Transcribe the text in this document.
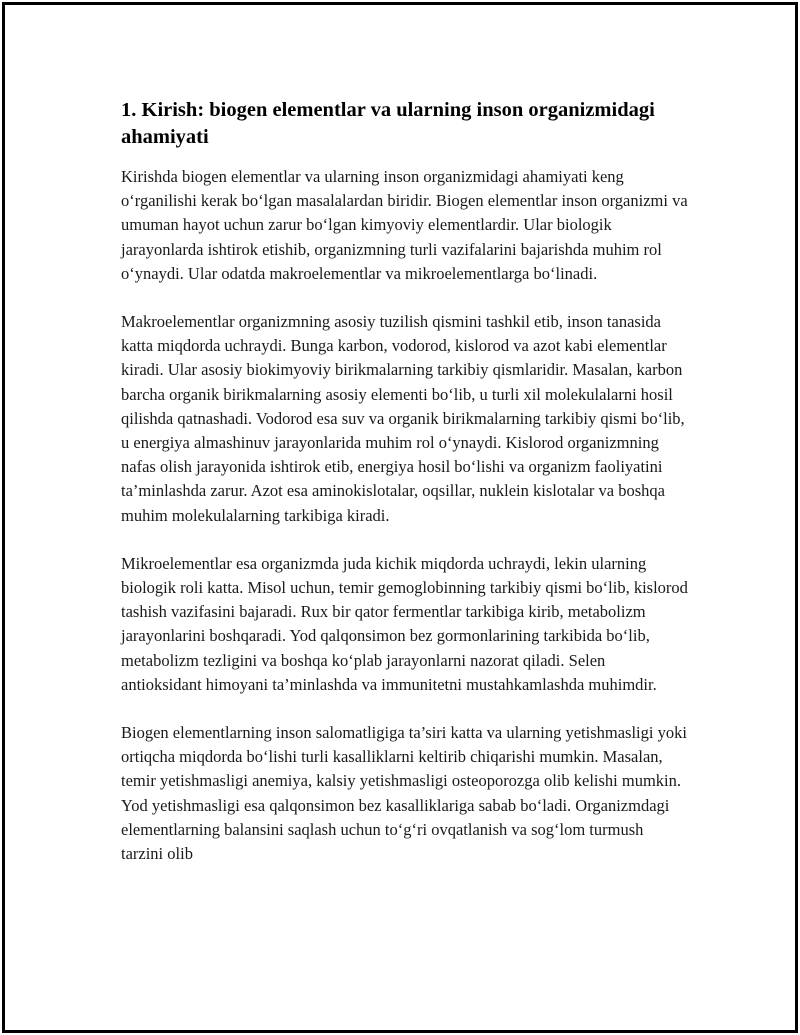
1. Kirish: biogen elementlar va ularning inson organizmidagi ahamiyati

Kirishda biogen elementlar va ularning inson organizmidagi ahamiyati keng o‘rganilishi kerak bo‘lgan masalalardan biridir. Biogen elementlar inson organizmi va umuman hayot uchun zarur bo‘lgan kimyoviy elementlardir. Ular biologik jarayonlarda ishtirok etishib, organizmning turli vazifalarini bajarishda muhim rol o‘ynaydi. Ular odatda makroelementlar va mikroelementlarga bo‘linadi.

Makroelementlar organizmning asosiy tuzilish qismini tashkil etib, inson tanasida katta miqdorda uchraydi. Bunga karbon, vodorod, kislorod va azot kabi elementlar kiradi. Ular asosiy biokimyoviy birikmalarning tarkibiy qismlaridir. Masalan, karbon barcha organik birikmalarning asosiy elementi bo‘lib, u turli xil molekulalarni hosil qilishda qatnashadi. Vodorod esa suv va organik birikmalarning tarkibiy qismi bo‘lib, u energiya almashinuv jarayonlarida muhim rol o‘ynaydi. Kislorod organizmning nafas olish jarayonida ishtirok etib, energiya hosil bo‘lishi va organizm faoliyatini ta’minlashda zarur. Azot esa aminokislotalar, oqsillar, nuklein kislotalar va boshqa muhim molekulalarning tarkibiga kiradi.

Mikroelementlar esa organizmda juda kichik miqdorda uchraydi, lekin ularning biologik roli katta. Misol uchun, temir gemoglobinning tarkibiy qismi bo‘lib, kislorod tashish vazifasini bajaradi. Rux bir qator fermentlar tarkibiga kirib, metabolizm jarayonlarini boshqaradi. Yod qalqonsimon bez gormonlarining tarkibida bo‘lib, metabolizm tezligini va boshqa ko‘plab jarayonlarni nazorat qiladi. Selen antioksidant himoyani ta’minlashda va immunitetni mustahkamlashda muhimdir.

Biogen elementlarning inson salomatligiga ta’siri katta va ularning yetishmasligi yoki ortiqcha miqdorda bo‘lishi turli kasalliklarni keltirib chiqarishi mumkin. Masalan, temir yetishmasligi anemiya, kalsiy yetishmasligi osteoporozga olib kelishi mumkin. Yod yetishmasligi esa qalqonsimon bez kasalliklariga sabab bo‘ladi. Organizmdagi elementlarning balansini saqlash uchun to‘g‘ri ovqatlanish va sog‘lom turmush tarzini olib
